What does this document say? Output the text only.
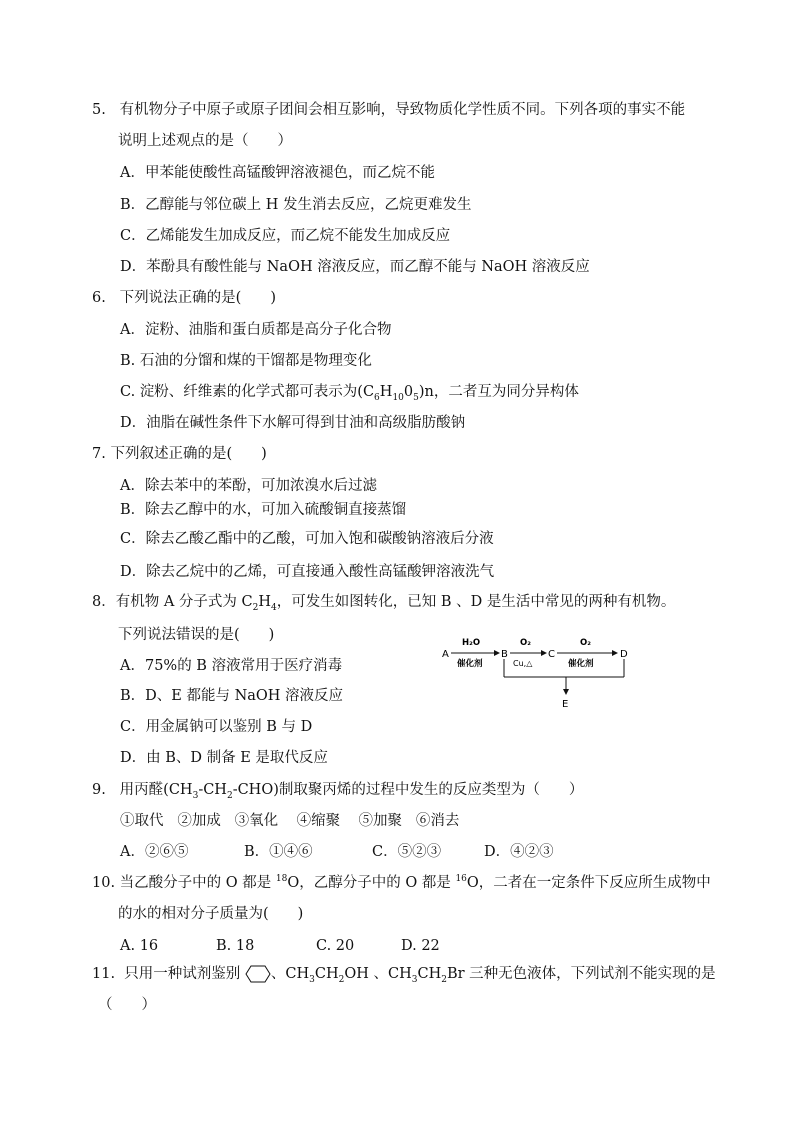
5. 有机物分子中原子或原子团间会相互影响，导致物质化学性质不同。下列各项的事实不能
说明上述观点的是（　　）
A．甲苯能使酸性高锰酸钾溶液褪色，而乙烷不能
B．乙醇能与邻位碳上 H 发生消去反应，乙烷更难发生
C．乙烯能发生加成反应，而乙烷不能发生加成反应
D．苯酚具有酸性能与 NaOH 溶液反应，而乙醇不能与 NaOH 溶液反应
6. 下列说法正确的是(　　)
A．淀粉、油脂和蛋白质都是高分子化合物
B. 石油的分馏和煤的干馏都是物理变化
C. 淀粉、纤维素的化学式都可表示为$(C_6H_{10}0_5)n$，二者互为同分异构体
D．油脂在碱性条件下水解可得到甘油和高级脂肪酸钠
7. 下列叙述正确的是(　　)
A．除去苯中的苯酚，可加浓溴水后过滤
B．除去乙醇中的水，可加入硫酸铜直接蒸馏
C．除去乙酸乙酯中的乙酸，可加入饱和碳酸钠溶液后分液
D．除去乙烷中的乙烯，可直接通入酸性高锰酸钾溶液洗气
8．有机物 A 分子式为 $C_2H_4$，可发生如图转化，已知 B 、D 是生活中常见的两种有机物。
下列说法错误的是(　　)
A．75%的 B 溶液常用于医疗消毒
B．D、E 都能与 NaOH 溶液反应
C．用金属钠可以鉴别 B 与 D
D．由 B、D 制备 E 是取代反应
A
H₂O
催化剂
B
O₂
Cu,△
C
O₂
催化剂
D
E
9. 用丙醛$(CH_3-CH_2-CHO)$制取聚丙烯的过程中发生的反应类型为（　　）
①取代 ②加成 ③氧化 ④缩聚 ⑤加聚 ⑥消去
A．②⑥⑤	B．①④⑥	C．⑤②③	D．④②③
10. 当乙酸分子中的 O 都是 $^{18}$O，乙醇分子中的 O 都是 $^{16}$O，二者在一定条件下反应所生成物中
的水的相对分子质量为(　　)
A. 16	B. 18	C. 20	D. 22
11. 只用一种试剂鉴别 、$CH_3CH_2OH$ 、$CH_3CH_2Br$ 三种无色液体，下列试剂不能实现的是
（　　）
